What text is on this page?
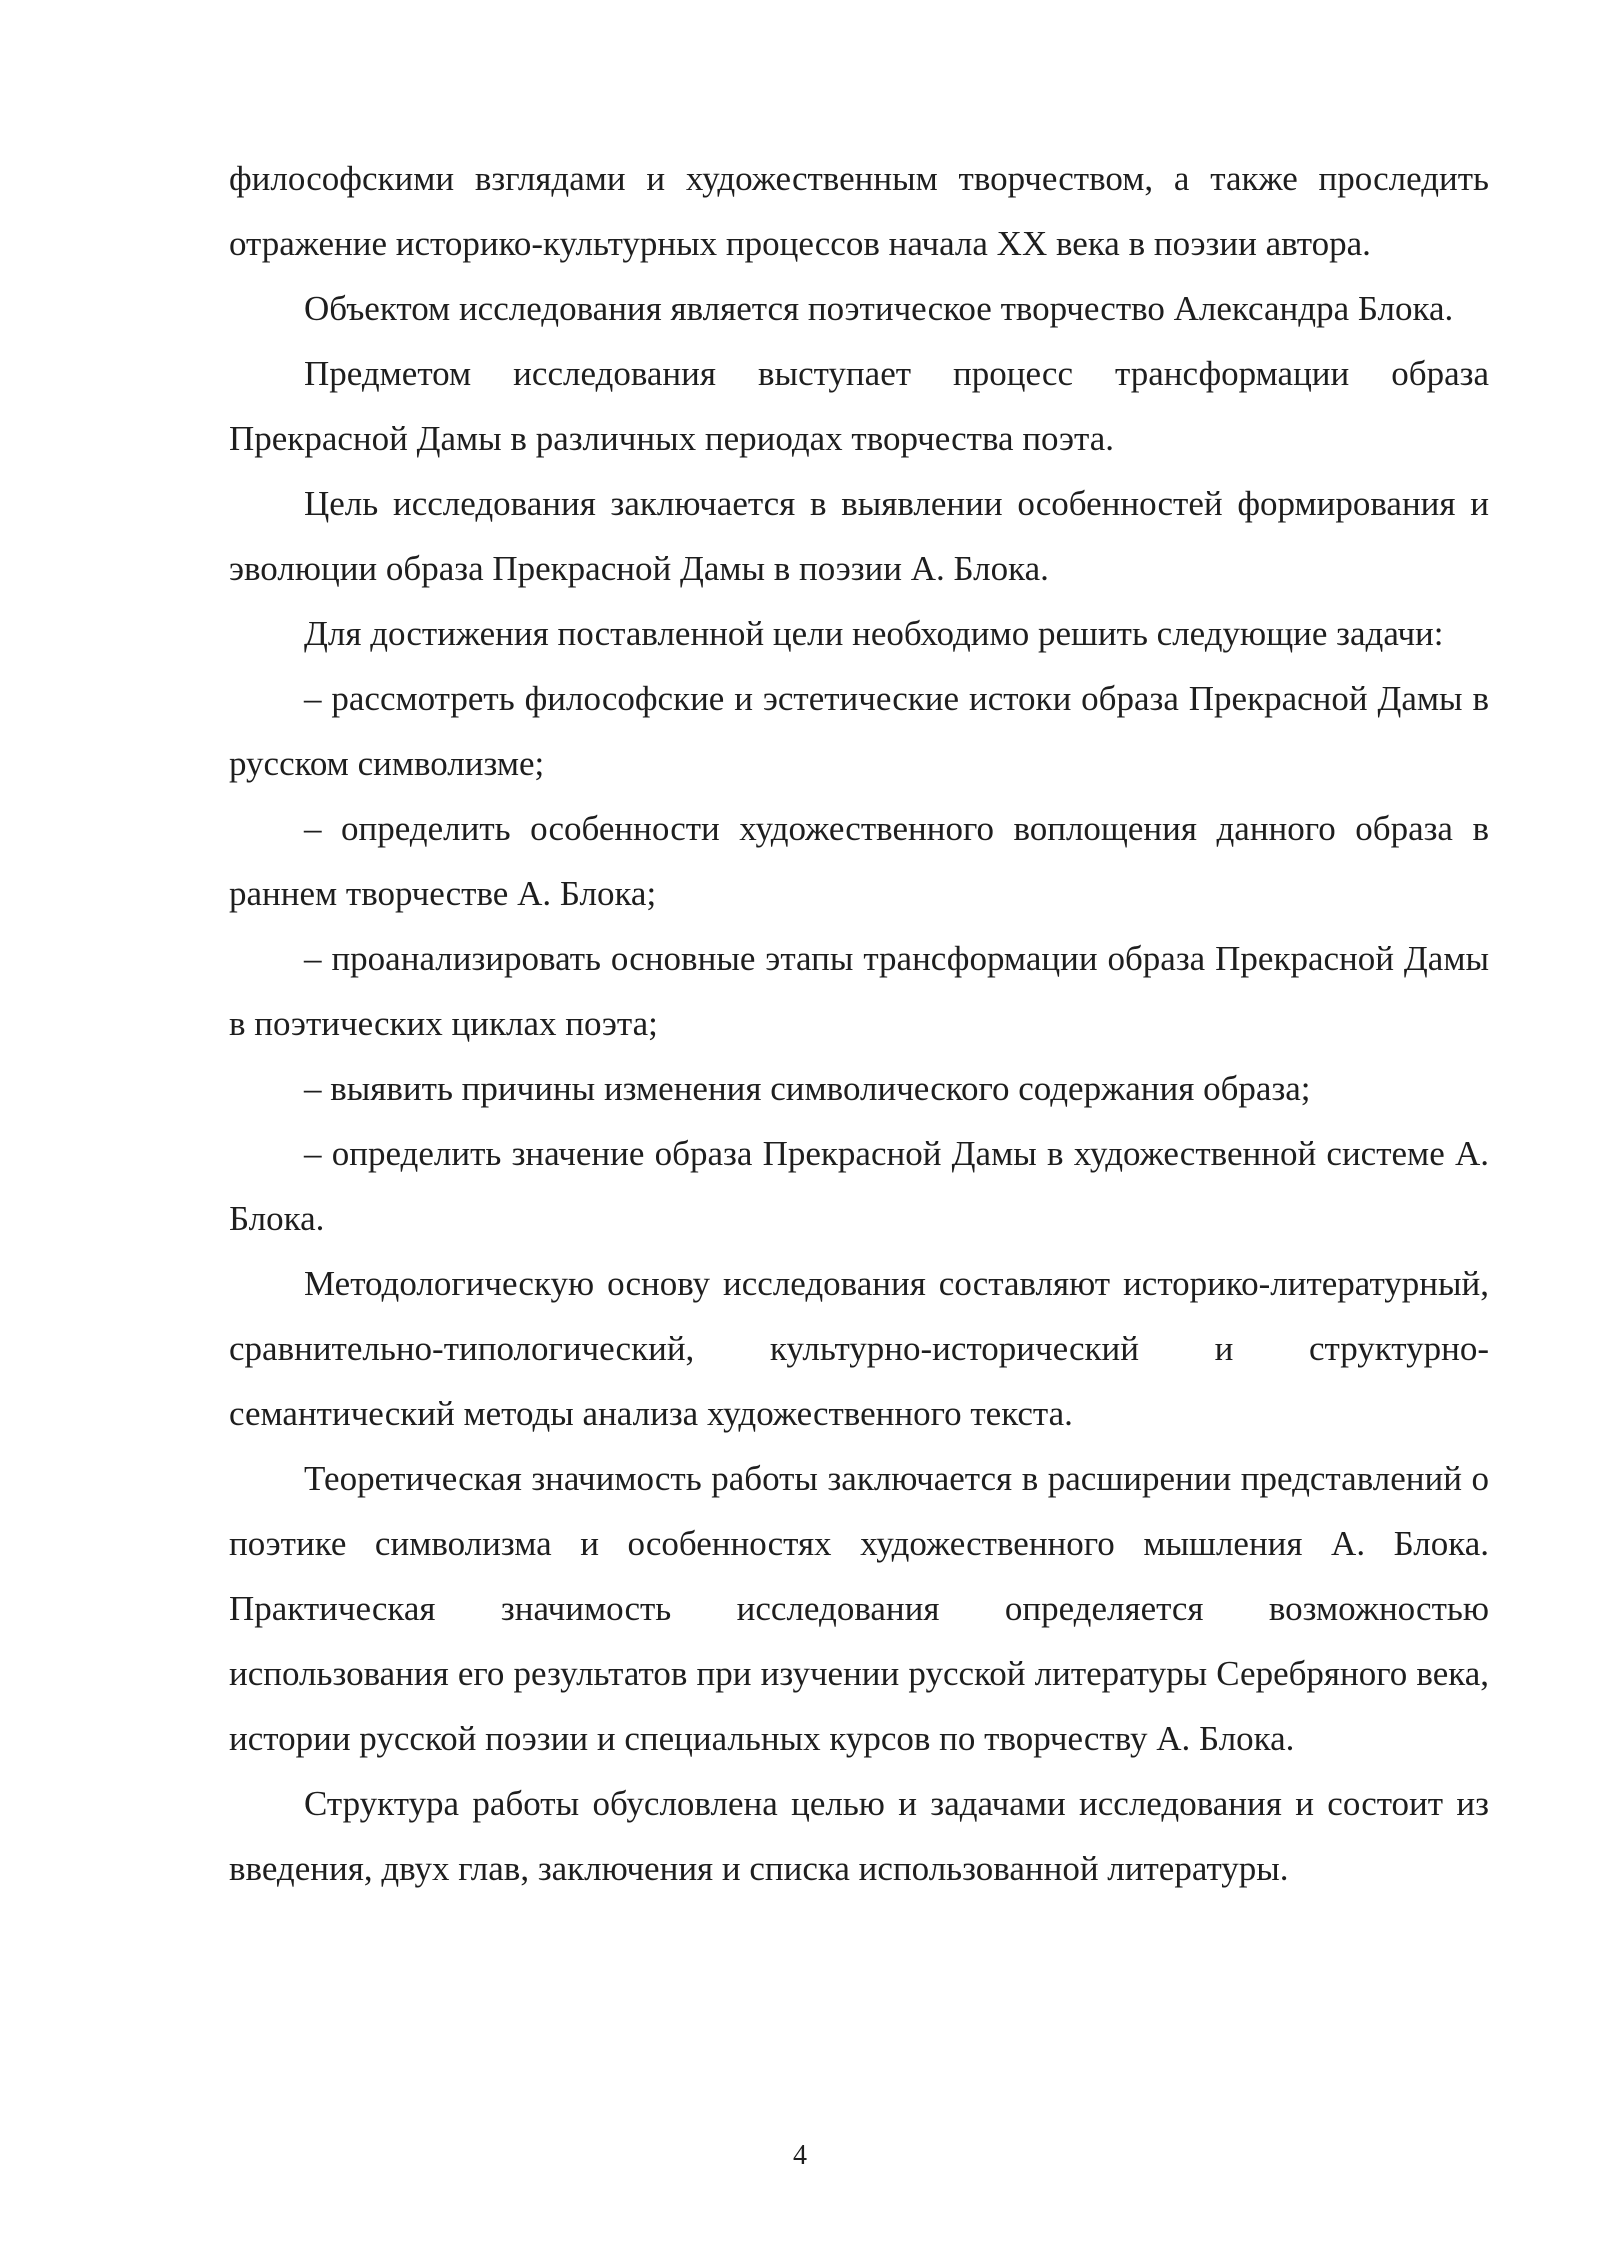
философскими взглядами и художественным творчеством, а также проследить отражение историко-культурных процессов начала XX века в поэзии автора.

Объектом исследования является поэтическое творчество Александра Блока.

Предметом исследования выступает процесс трансформации образа Прекрасной Дамы в различных периодах творчества поэта.

Цель исследования заключается в выявлении особенностей формирования и эволюции образа Прекрасной Дамы в поэзии А. Блока.

Для достижения поставленной цели необходимо решить следующие задачи:

– рассмотреть философские и эстетические истоки образа Прекрасной Дамы в русском символизме;

– определить особенности художественного воплощения данного образа в раннем творчестве А. Блока;

– проанализировать основные этапы трансформации образа Прекрасной Дамы в поэтических циклах поэта;

– выявить причины изменения символического содержания образа;

– определить значение образа Прекрасной Дамы в художественной системе А. Блока.

Методологическую основу исследования составляют историко-литературный, сравнительно-типологический, культурно-исторический и структурно-семантический методы анализа художественного текста.

Теоретическая значимость работы заключается в расширении представлений о поэтике символизма и особенностях художественного мышления А. Блока. Практическая значимость исследования определяется возможностью использования его результатов при изучении русской литературы Серебряного века, истории русской поэзии и специальных курсов по творчеству А. Блока.

Структура работы обусловлена целью и задачами исследования и состоит из введения, двух глав, заключения и списка использованной литературы.

4
